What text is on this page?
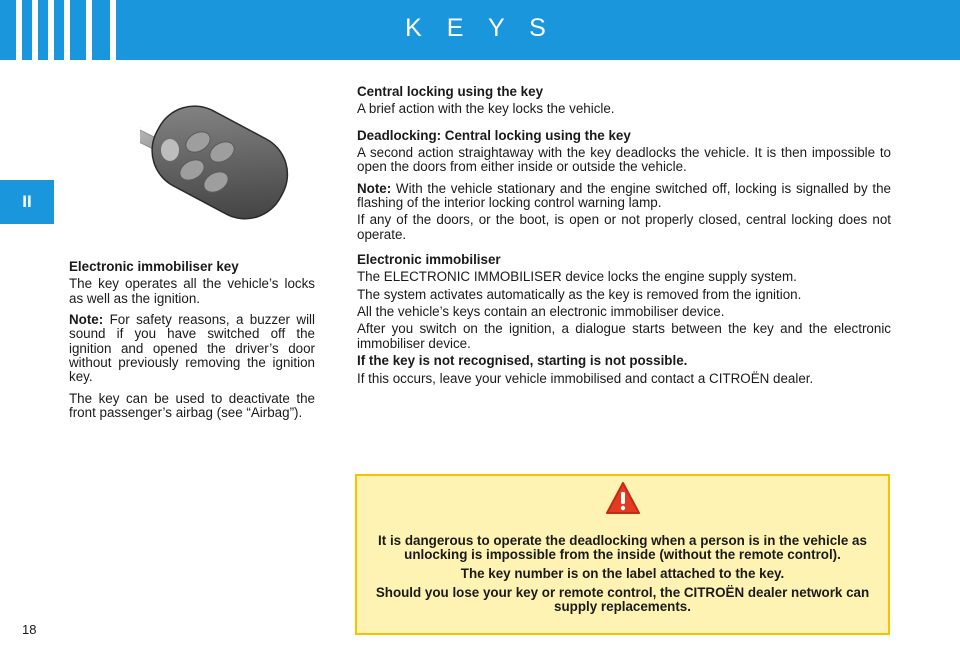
K E Y S
II
Electronic immobiliser key

The key operates all the vehicle’s locks as well as the ignition.

Note: For safety reasons, a buzzer will sound if you have switched off the ignition and opened the driver’s door without previously removing the ignition key.

The key can be used to deactivate the front passenger’s airbag (see “Airbag”).

Central locking using the key

A brief action with the key locks the vehicle.

Deadlocking: Central locking using the key

A second action straightaway with the key deadlocks the vehicle. It is then impossible to open the doors from either inside or outside the vehicle.

Note: With the vehicle stationary and the engine switched off, locking is signalled by the flashing of the interior locking control warning lamp.

If any of the doors, or the boot, is open or not properly closed, central locking does not operate.

Electronic immobiliser

The ELECTRONIC IMMOBILISER device locks the engine supply system.

The system activates automatically as the key is removed from the ignition.

All the vehicle’s keys contain an electronic immobiliser device.

After you switch on the ignition, a dialogue starts between the key and the electronic immobiliser device.

If the key is not recognised, starting is not possible.

If this occurs, leave your vehicle immobilised and contact a CITROËN dealer.

It is dangerous to operate the deadlocking when a person is in the vehicle as unlocking is impossible from the inside (without the remote control).

The key number is on the label attached to the key.

Should you lose your key or remote control, the CITROËN dealer network can supply replacements.

18
